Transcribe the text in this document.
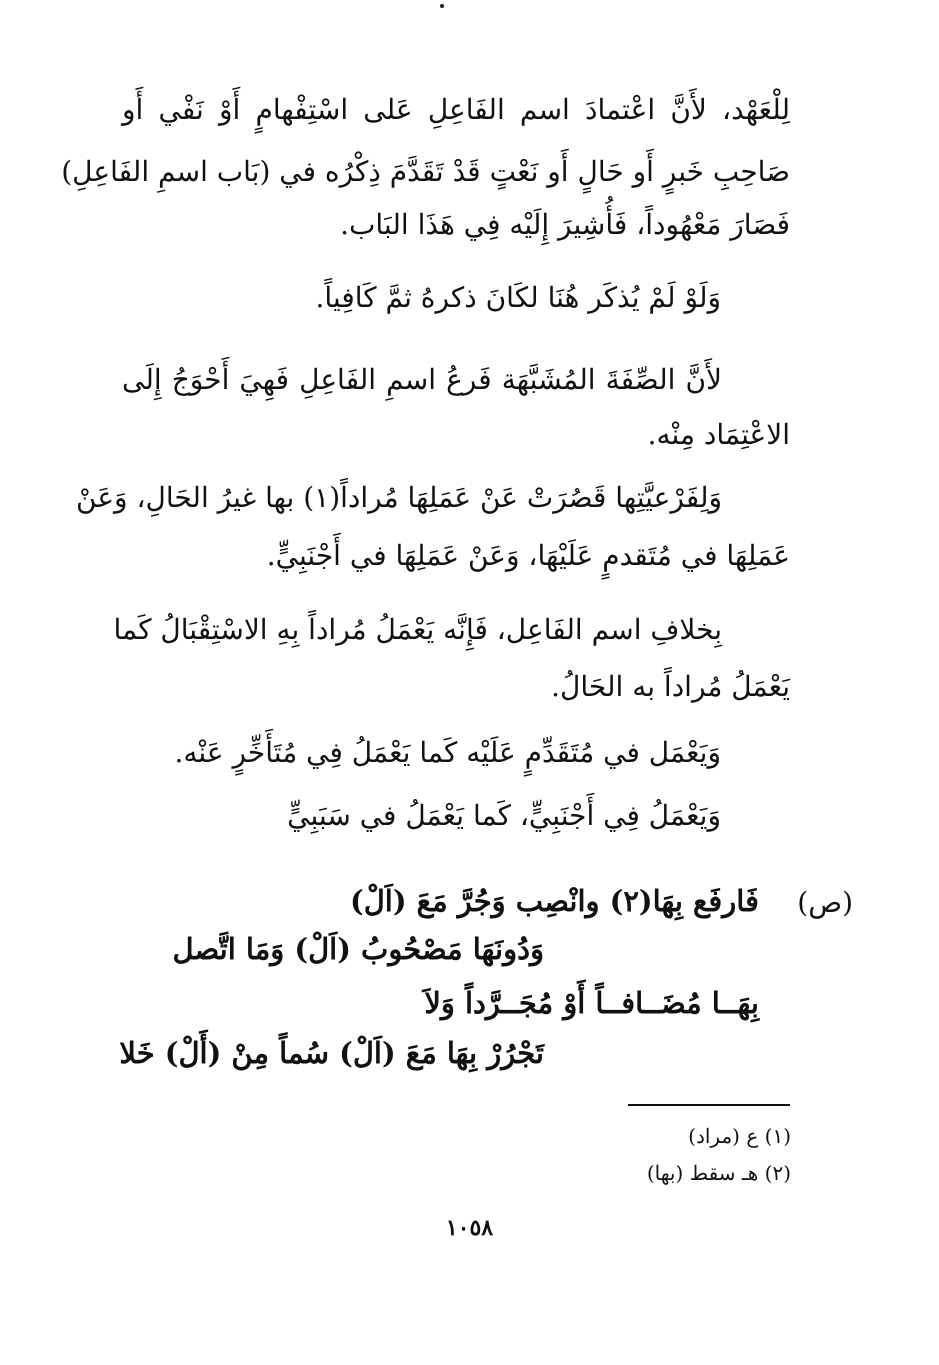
لِلْعَهْد، لأَنَّ اعْتمادَ اسم الفَاعِلِ عَلى اسْتِفْهامٍ أَوْ نَفْي أَو
صَاحِبِ خَبرٍ أَو حَالٍ أَو نَعْتٍ قَدْ تَقَدَّمَ ذِكْرُه في (بَاب اسمِ الفَاعِلِ)
فَصَارَ مَعْهُوداً، فَأُشِيرَ إِلَيْه فِي هَذَا البَاب.
وَلَوْ لَمْ يُذكَر هُنَا لكَانَ ذكرهُ ثمَّ كَافِياً.
لأَنَّ الصِّفَةَ المُشَبَّهَة فَرعُ اسمِ الفَاعِلِ فَهِيَ أَحْوَجُ إِلَى
الاعْتِمَاد مِنْه.
وَلِفَرْعيَّتِها قَصُرَتْ عَنْ عَمَلِهَا مُراداً(١) بها غيرُ الحَالِ، وَعَنْ
عَمَلِهَا في مُتَقدمٍ عَلَيْهَا، وَعَنْ عَمَلِهَا في أَجْنَبِيٍّ.
بِخلافِ اسم الفَاعِل، فَإِنَّه يَعْمَلُ مُراداً بِهِ الاسْتِقْبَالُ كَما
يَعْمَلُ مُراداً به الحَالُ.
وَيَعْمَل في مُتَقَدِّمٍ عَلَيْه كَما يَعْمَلُ فِي مُتَأَخِّرٍ عَنْه.
وَيَعْمَلُ فِي أَجْنَبِيٍّ، كَما يَعْمَلُ في سَبَبِيٍّ
(ص)
فَارفَع بِهَا(٢) وانْصِب وَجُرَّ مَعَ (اَلْ)
وَدُونَهَا مَصْحُوبُ (اَلْ) وَمَا اتَّصل
بِهَــا مُضَــافــاً أَوْ مُجَــرَّداً وَلاَ
تَجْرُرْ بِهَا مَعَ (اَلْ) سُماً مِنْ (أَلْ) خَلا
(١) ع (مراد)
(٢) هـ سقط (بها)
١٠٥٨
